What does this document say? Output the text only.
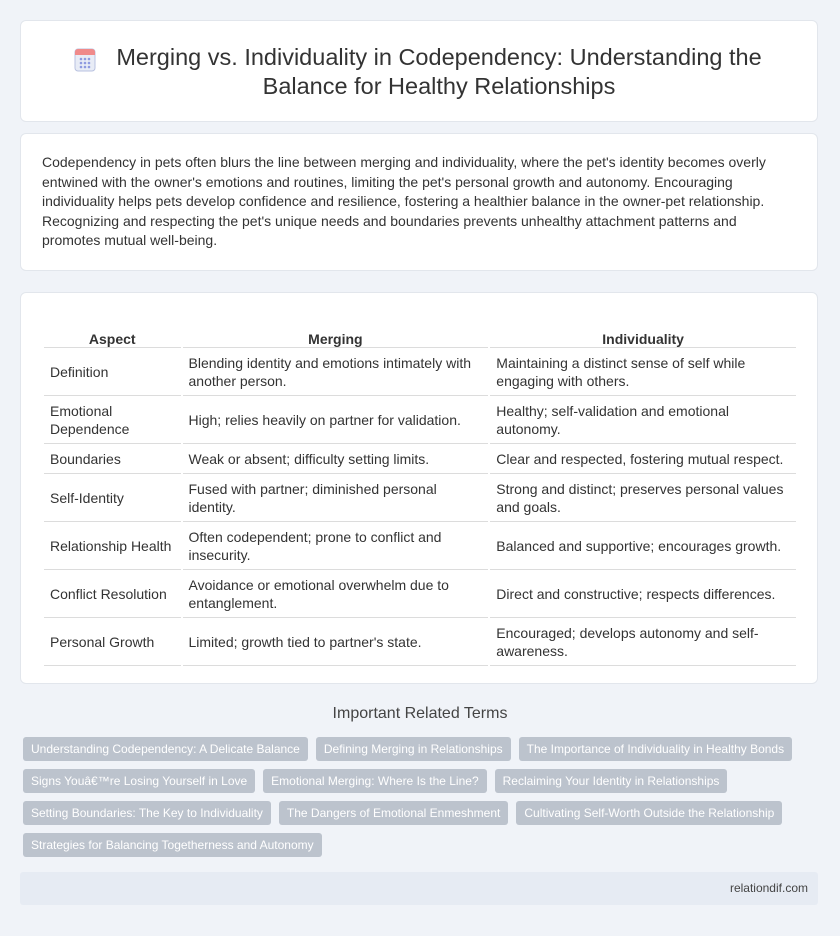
Merging vs. Individuality in Codependency: Understanding the Balance for Healthy Relationships

Codependency in pets often blurs the line between merging and individuality, where the pet's identity becomes overly entwined with the owner's emotions and routines, limiting the pet's personal growth and autonomy. Encouraging individuality helps pets develop confidence and resilience, fostering a healthier balance in the owner-pet relationship. Recognizing and respecting the pet's unique needs and boundaries prevents unhealthy attachment patterns and promotes mutual well-being.

Aspect	Merging	Individuality
Definition	Blending identity and emotions intimately with another person.	Maintaining a distinct sense of self while engaging with others.
Emotional Dependence	High; relies heavily on partner for validation.	Healthy; self-validation and emotional autonomy.
Boundaries	Weak or absent; difficulty setting limits.	Clear and respected, fostering mutual respect.
Self-Identity	Fused with partner; diminished personal identity.	Strong and distinct; preserves personal values and goals.
Relationship Health	Often codependent; prone to conflict and insecurity.	Balanced and supportive; encourages growth.
Conflict Resolution	Avoidance or emotional overwhelm due to entanglement.	Direct and constructive; respects differences.
Personal Growth	Limited; growth tied to partner's state.	Encouraged; develops autonomy and self-awareness.
Important Related Terms
Understanding Codependency: A Delicate Balance	Defining Merging in Relationships	The Importance of Individuality in Healthy Bonds
Signs Youâ€™re Losing Yourself in Love	Emotional Merging: Where Is the Line?	Reclaiming Your Identity in Relationships
Setting Boundaries: The Key to Individuality	The Dangers of Emotional Enmeshment	Cultivating Self-Worth Outside the Relationship
Strategies for Balancing Togetherness and Autonomy
relationdif.com
